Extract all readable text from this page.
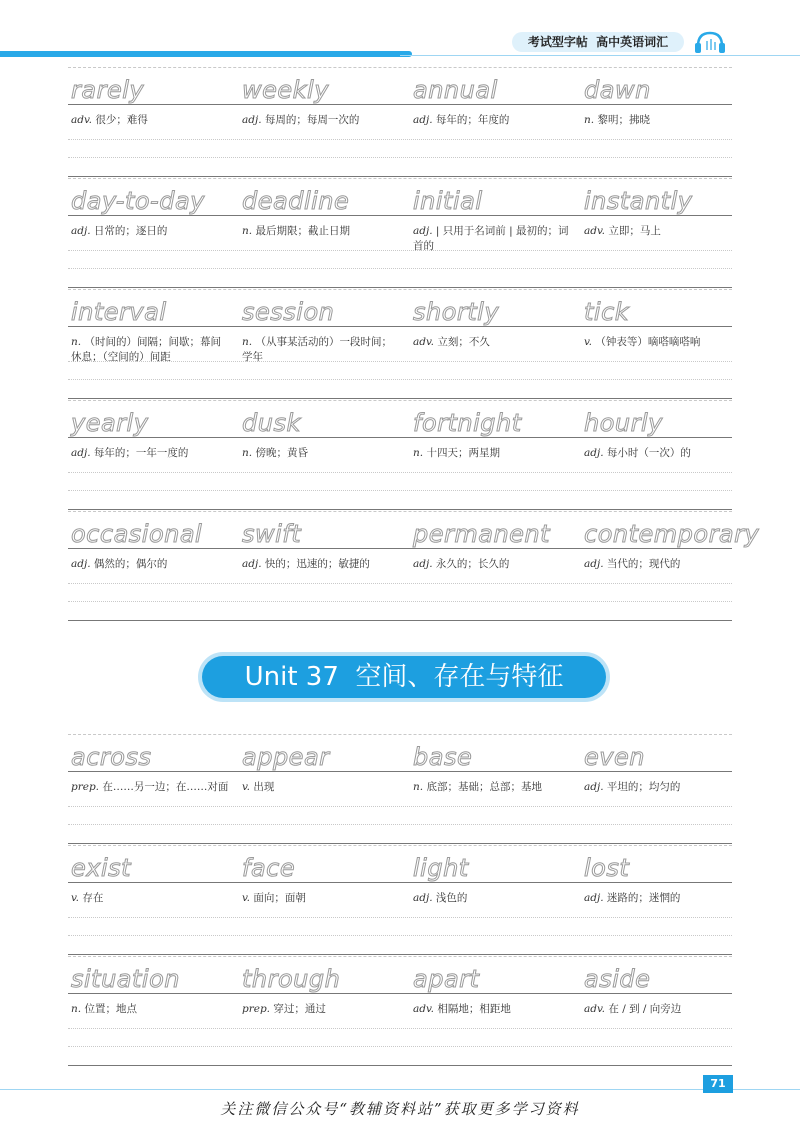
考试型字帖  高中英语词汇
rarely
adv. 很少；难得
weekly
adj. 每周的；每周一次的
annual
adj. 每年的；年度的
dawn
n. 黎明；拂晓
day-to-day
adj. 日常的；逐日的
deadline
n. 最后期限；截止日期
initial
adj. | 只用于名词前 | 最初的；词首的
instantly
adv. 立即；马上
interval
n. （时间的）间隔；间歇；幕间休息；（空间的）间距
session
n. （从事某活动的）一段时间；学年
shortly
adv. 立刻；不久
tick
v. （钟表等）嘀嗒嘀嗒响
yearly
adj. 每年的；一年一度的
dusk
n. 傍晚；黄昏
fortnight
n. 十四天；两星期
hourly
adj. 每小时（一次）的
occasional
adj. 偶然的；偶尔的
swift
adj. 快的；迅速的；敏捷的
permanent
adj. 永久的；长久的
contemporary
adj. 当代的；现代的
Unit 37  空间、存在与特征
across
prep. 在……另一边；在……对面
appear
v. 出现
base
n. 底部；基础；总部；基地
even
adj. 平坦的；均匀的
exist
v. 存在
face
v. 面向；面朝
light
adj. 浅色的
lost
adj. 迷路的；迷惘的
situation
n. 位置；地点
through
prep. 穿过；通过
apart
adv. 相隔地；相距地
aside
adv. 在 / 到 / 向旁边
71
关注微信公众号“教辅资料站”获取更多学习资料
